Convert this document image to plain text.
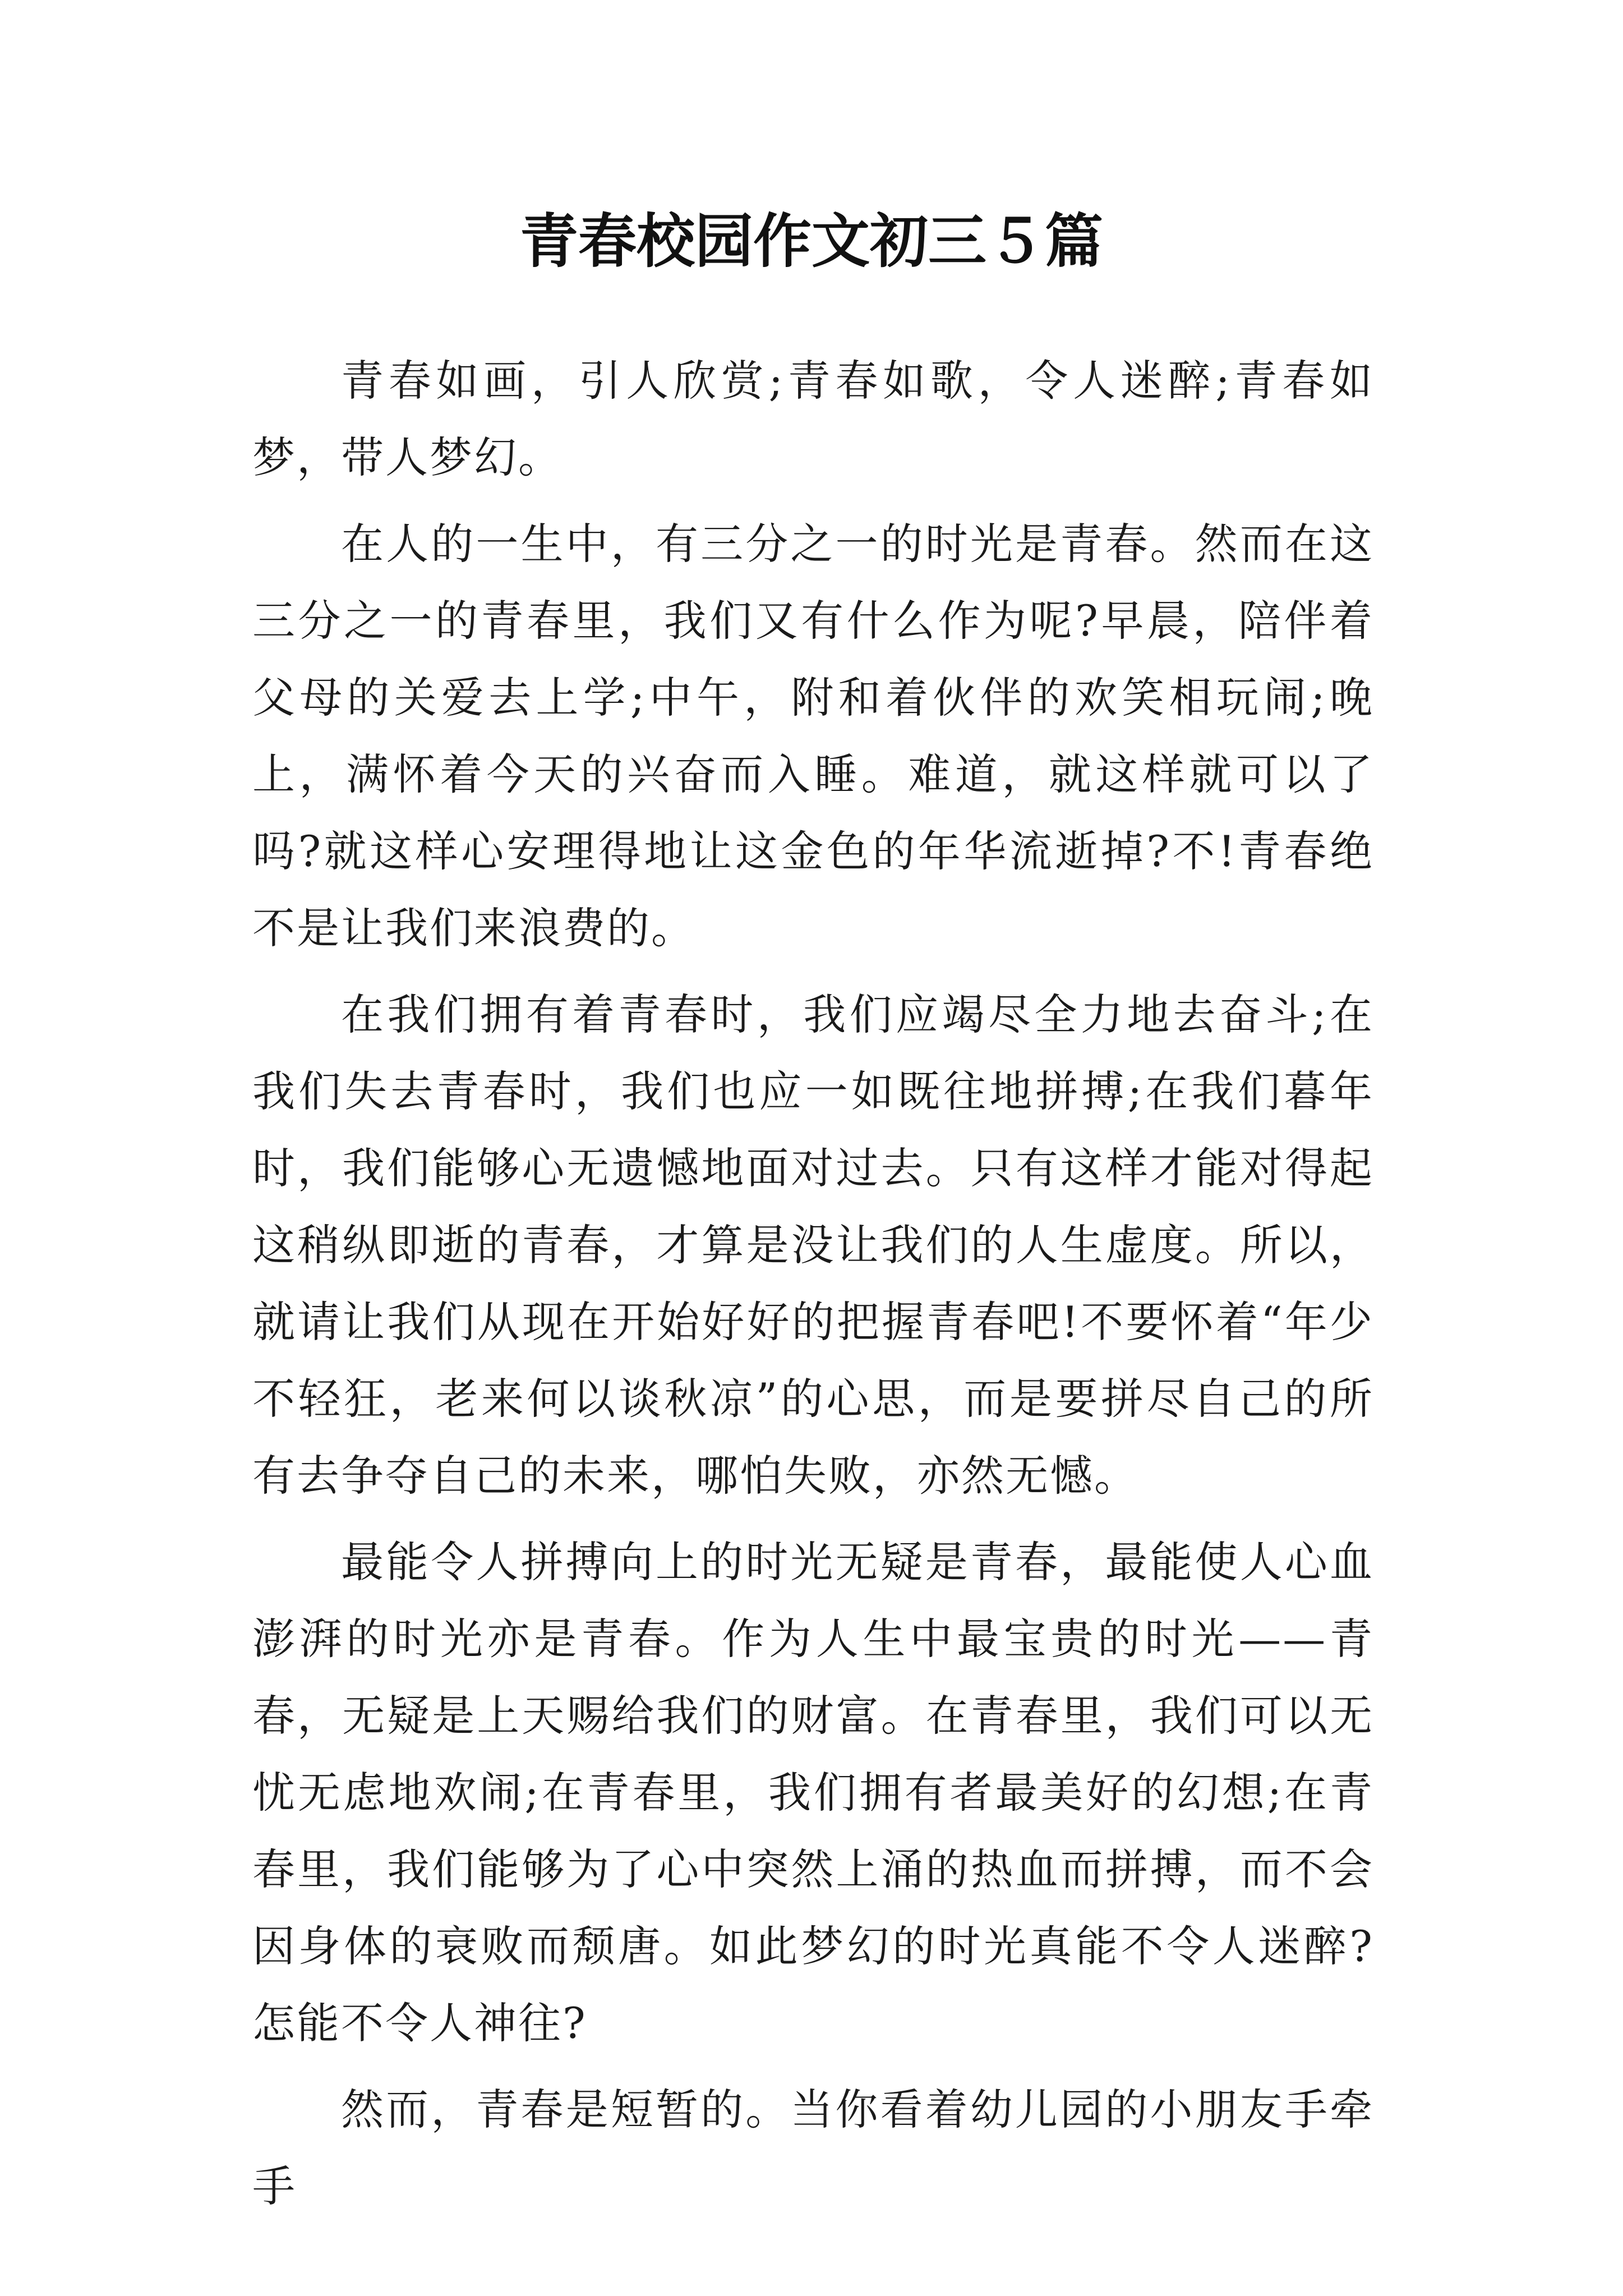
青春校园作文初三５篇

青春如画，引人欣赏;青春如歌，令人迷醉;青春如梦，带人梦幻。

在人的一生中，有三分之一的时光是青春。然而在这三分之一的青春里，我们又有什么作为呢?早晨，陪伴着父母的关爱去上学;中午，附和着伙伴的欢笑相玩闹;晚上，满怀着今天的兴奋而入睡。难道，就这样就可以了吗?就这样心安理得地让这金色的年华流逝掉?不!青春绝不是让我们来浪费的。

在我们拥有着青春时，我们应竭尽全力地去奋斗;在我们失去青春时，我们也应一如既往地拼搏;在我们暮年时，我们能够心无遗憾地面对过去。只有这样才能对得起这稍纵即逝的青春，才算是没让我们的人生虚度。所以，就请让我们从现在开始好好的把握青春吧!不要怀着“年少不轻狂，老来何以谈秋凉”的心思，而是要拼尽自己的所有去争夺自己的未来，哪怕失败，亦然无憾。

最能令人拼搏向上的时光无疑是青春，最能使人心血澎湃的时光亦是青春。作为人生中最宝贵的时光——青春，无疑是上天赐给我们的财富。在青春里，我们可以无忧无虑地欢闹;在青春里，我们拥有者最美好的幻想;在青春里，我们能够为了心中突然上涌的热血而拼搏，而不会因身体的衰败而颓唐。如此梦幻的时光真能不令人迷醉?怎能不令人神往?

然而，青春是短暂的。当你看着幼儿园的小朋友手牵手
